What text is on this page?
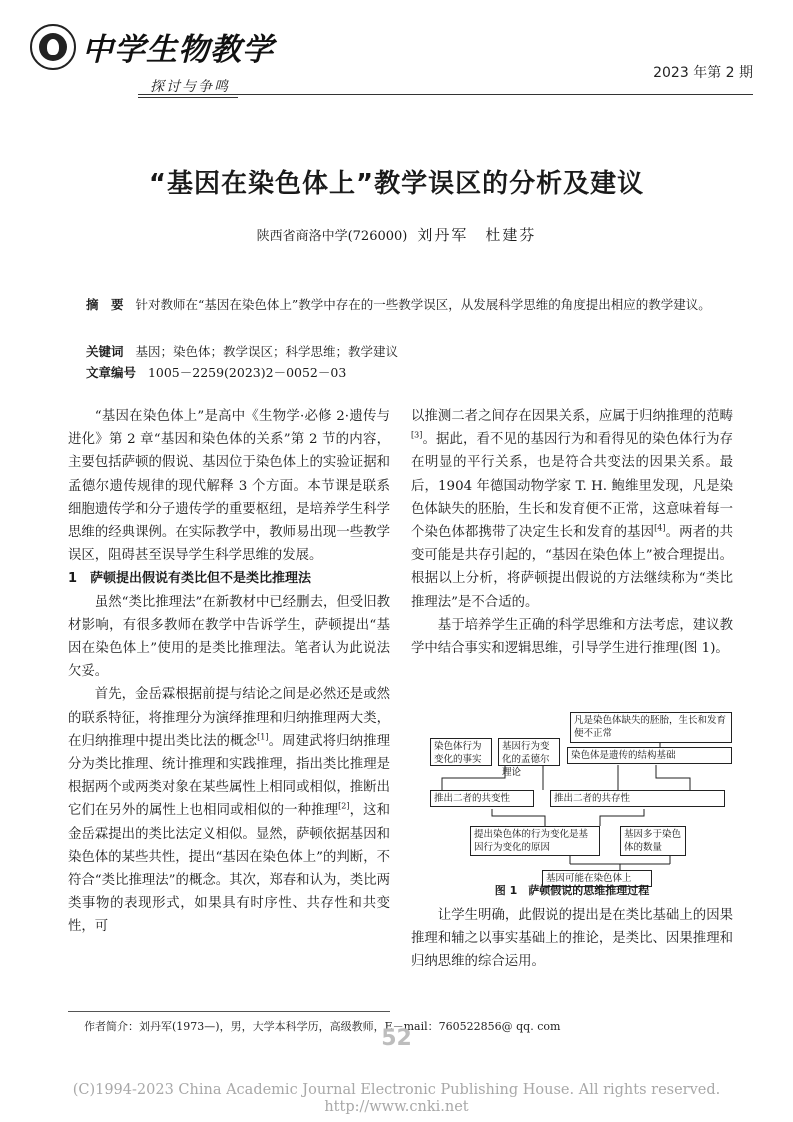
中学生物教学
探讨与争鸣
2023 年第 2 期
“基因在染色体上”教学误区的分析及建议
陕西省商洛中学(726000) 刘丹军　杜建芬
摘　要 针对教师在“基因在染色体上”教学中存在的一些教学误区，从发展科学思维的角度提出相应的教学建议。
关键词 基因；染色体；教学误区；科学思维；教学建议
文章编号 1005－2259(2023)2－0052－03

“基因在染色体上”是高中《生物学·必修 2·遗传与进化》第 2 章“基因和染色体的关系”第 2 节的内容，主要包括萨顿的假说、基因位于染色体上的实验证据和孟德尔遗传规律的现代解释 3 个方面。本节课是联系细胞遗传学和分子遗传学的重要枢纽，是培养学生科学思维的经典课例。在实际教学中，教师易出现一些教学误区，阻碍甚至误导学生科学思维的发展。

1　萨顿提出假说有类比但不是类比推理法

虽然“类比推理法”在新教材中已经删去，但受旧教材影响，有很多教师在教学中告诉学生，萨顿提出“基因在染色体上”使用的是类比推理法。笔者认为此说法欠妥。

首先，金岳霖根据前提与结论之间是必然还是或然的联系特征，将推理分为演绎推理和归纳推理两大类，在归纳推理中提出类比法的概念[1]。周建武将归纳推理分为类比推理、统计推理和实践推理，指出类比推理是根据两个或两类对象在某些属性上相同或相似，推断出它们在另外的属性上也相同或相似的一种推理[2]，这和金岳霖提出的类比法定义相似。显然，萨顿依据基因和染色体的某些共性，提出“基因在染色体上”的判断，不符合“类比推理法”的概念。其次，郑春和认为，类比两类事物的表现形式，如果具有时序性、共存性和共变性，可

以推测二者之间存在因果关系，应属于归纳推理的范畴[3]。据此，看不见的基因行为和看得见的染色体行为存在明显的平行关系，也是符合共变法的因果关系。最后，1904 年德国动物学家 T. H. 鲍维里发现，凡是染色体缺失的胚胎，生长和发育便不正常，这意味着每一个染色体都携带了决定生长和发育的基因[4]。两者的共变可能是共存引起的，“基因在染色体上”被合理提出。根据以上分析，将萨顿提出假说的方法继续称为“类比推理法”是不合适的。

基于培养学生正确的科学思维和方法考虑，建议教学中结合事实和逻辑思维，引导学生进行推理(图 1)。

凡是染色体缺失的胚胎，生长和发育便不正常
染色体行为变化的事实
基因行为变化的孟德尔理论
染色体是遗传的结构基础
推出二者的共变性	推出二者的共存性
提出染色体的行为变化是基因行为变化的原因
基因多于染色体的数量
基因可能在染色体上
图 1　萨顿假说的思维推理过程

让学生明确，此假说的提出是在类比基础上的因果推理和辅之以事实基础上的推论，是类比、因果推理和归纳思维的综合运用。

作者简介：刘丹军(1973—)，男，大学本科学历，高级教师，E－mail：760522856@ qq. com
52
(C)1994-2023 China Academic Journal Electronic Publishing House. All rights reserved.　http://www.cnki.net
